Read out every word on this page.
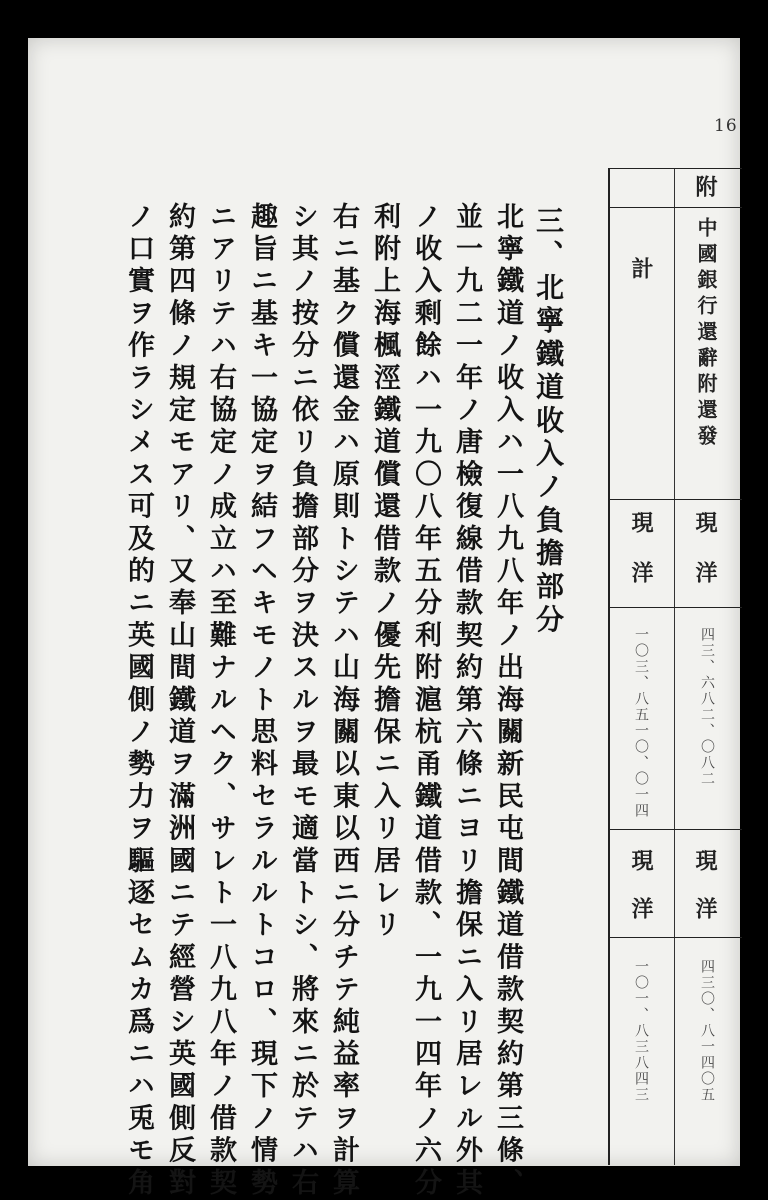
16
三、北寧鐵道收入ノ負擔部分
北寧鐵道ノ收入ハ一八九八年ノ出海關新民屯間鐵道借款契約第三條、
並一九二一年ノ唐檢復線借款契約第六條ニヨリ擔保ニ入リ居レル外其
ノ收入剩餘ハ一九〇八年五分利附滬杭甬鐵道借款、一九一四年ノ六分
利附上海楓涇鐵道償還借款ノ優先擔保ニ入リ居レリ
右ニ基ク償還金ハ原則トシテハ山海關以東以西ニ分チテ純益率ヲ計算
シ其ノ按分ニ依リ負擔部分ヲ決スルヲ最モ適當トシ、將來ニ於テハ右
趣旨ニ基キ一協定ヲ結フヘキモノト思料セラルルトコロ、現下ノ情勢
ニアリテハ右協定ノ成立ハ至難ナルヘク、サレト一八九八年ノ借款契
約第四條ノ規定モアリ、又奉山間鐵道ヲ滿洲國ニテ經營シ英國側反對
ノ口實ヲ作ラシメス可及的ニ英國側ノ勢力ヲ驅逐セムカ爲ニハ兎モ角
附
計 中國銀行還辭附還發
現
洋
現
洋
一〇三、八五一〇、〇一四	四三、六八二、〇八二
現
洋
現
洋
一〇一、八三八四三	四三〇、八一四〇五
